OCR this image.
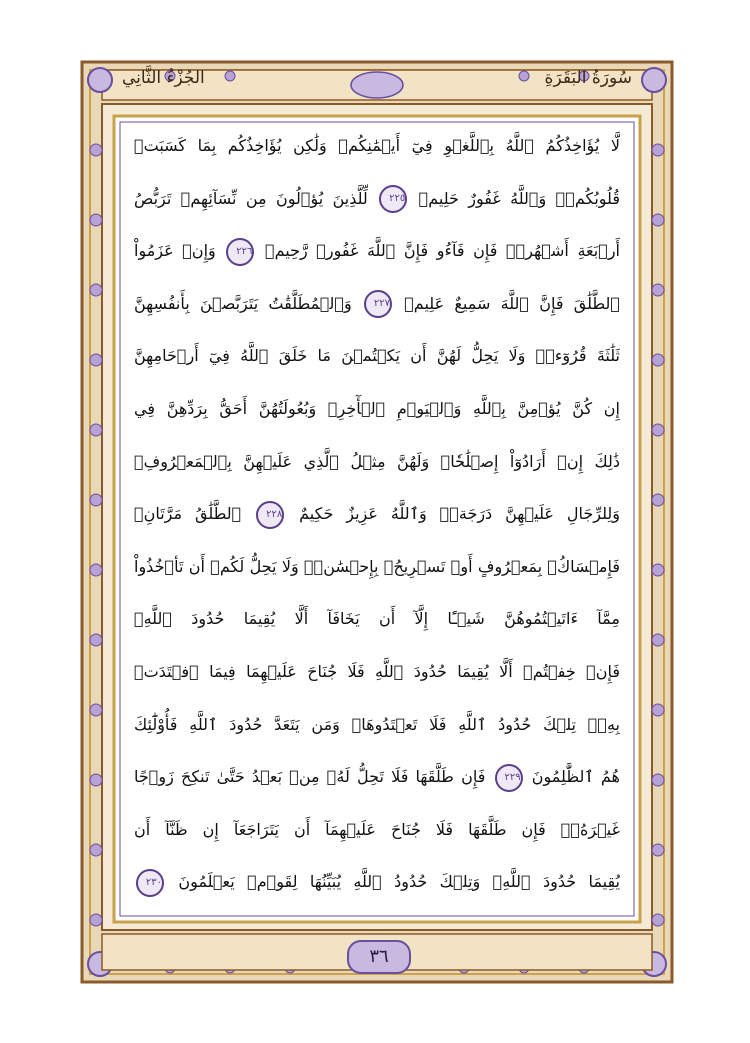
سُورَةُ البَقَرَةِ
الجُزْءُ الثَّانِي
لَّا يُؤَاخِذُكُمُ ٱللَّهُ بِٱللَّغۡوِ فِيٓ أَيۡمَٰنِكُمۡ وَلَٰكِن يُؤَاخِذُكُم بِمَا كَسَبَتۡ
قُلُوبُكُمۡۗ وَٱللَّهُ غَفُورٌ حَلِيمٞ ٢٢٥ لِّلَّذِينَ يُؤۡلُونَ مِن نِّسَآئِهِمۡ تَرَبُّصُ
أَرۡبَعَةِ أَشۡهُرٖۖ فَإِن فَآءُو فَإِنَّ ٱللَّهَ غَفُورٞ رَّحِيمٞ ٢٢٦ وَإِنۡ عَزَمُواْ
ٱلطَّلَٰقَ فَإِنَّ ٱللَّهَ سَمِيعٌ عَلِيمٞ ٢٢٧ وَٱلۡمُطَلَّقَٰتُ يَتَرَبَّصۡنَ بِأَنفُسِهِنَّ
ثَلَٰثَةَ قُرُوٓءٖۚ وَلَا يَحِلُّ لَهُنَّ أَن يَكۡتُمۡنَ مَا خَلَقَ ٱللَّهُ فِيٓ أَرۡحَامِهِنَّ
إِن كُنَّ يُؤۡمِنَّ بِٱللَّهِ وَٱلۡيَوۡمِ ٱلۡأٓخِرِۚ وَبُعُولَتُهُنَّ أَحَقُّ بِرَدِّهِنَّ فِي
ذَٰلِكَ إِنۡ أَرَادُوٓاْ إِصۡلَٰحٗاۚ وَلَهُنَّ مِثۡلُ ٱلَّذِي عَلَيۡهِنَّ بِٱلۡمَعۡرُوفِۚ
وَلِلرِّجَالِ عَلَيۡهِنَّ دَرَجَةٞۗ وَٱللَّهُ عَزِيزٌ حَكِيمٌ ٢٢٨ ٱلطَّلَٰقُ مَرَّتَانِۖ
فَإِمۡسَاكُۢ بِمَعۡرُوفٍ أَوۡ تَسۡرِيحُۢ بِإِحۡسَٰنٖۗ وَلَا يَحِلُّ لَكُمۡ أَن تَأۡخُذُواْ
مِمَّآ ءَاتَيۡتُمُوهُنَّ شَيۡـًٔا إِلَّآ أَن يَخَافَآ أَلَّا يُقِيمَا حُدُودَ ٱللَّهِۖ
فَإِنۡ خِفۡتُمۡ أَلَّا يُقِيمَا حُدُودَ ٱللَّهِ فَلَا جُنَاحَ عَلَيۡهِمَا فِيمَا ٱفۡتَدَتۡ
بِهِۦۗ تِلۡكَ حُدُودُ ٱللَّهِ فَلَا تَعۡتَدُوهَاۚ وَمَن يَتَعَدَّ حُدُودَ ٱللَّهِ فَأُوْلَٰٓئِكَ
هُمُ ٱلظَّٰلِمُونَ ٢٢٩ فَإِن طَلَّقَهَا فَلَا تَحِلُّ لَهُۥ مِنۢ بَعۡدُ حَتَّىٰ تَنكِحَ زَوۡجًا
غَيۡرَهُۥۗ فَإِن طَلَّقَهَا فَلَا جُنَاحَ عَلَيۡهِمَآ أَن يَتَرَاجَعَآ إِن ظَنَّآ أَن
يُقِيمَا حُدُودَ ٱللَّهِۗ وَتِلۡكَ حُدُودُ ٱللَّهِ يُبَيِّنُهَا لِقَوۡمٖ يَعۡلَمُونَ ٢٣٠
٣٦
